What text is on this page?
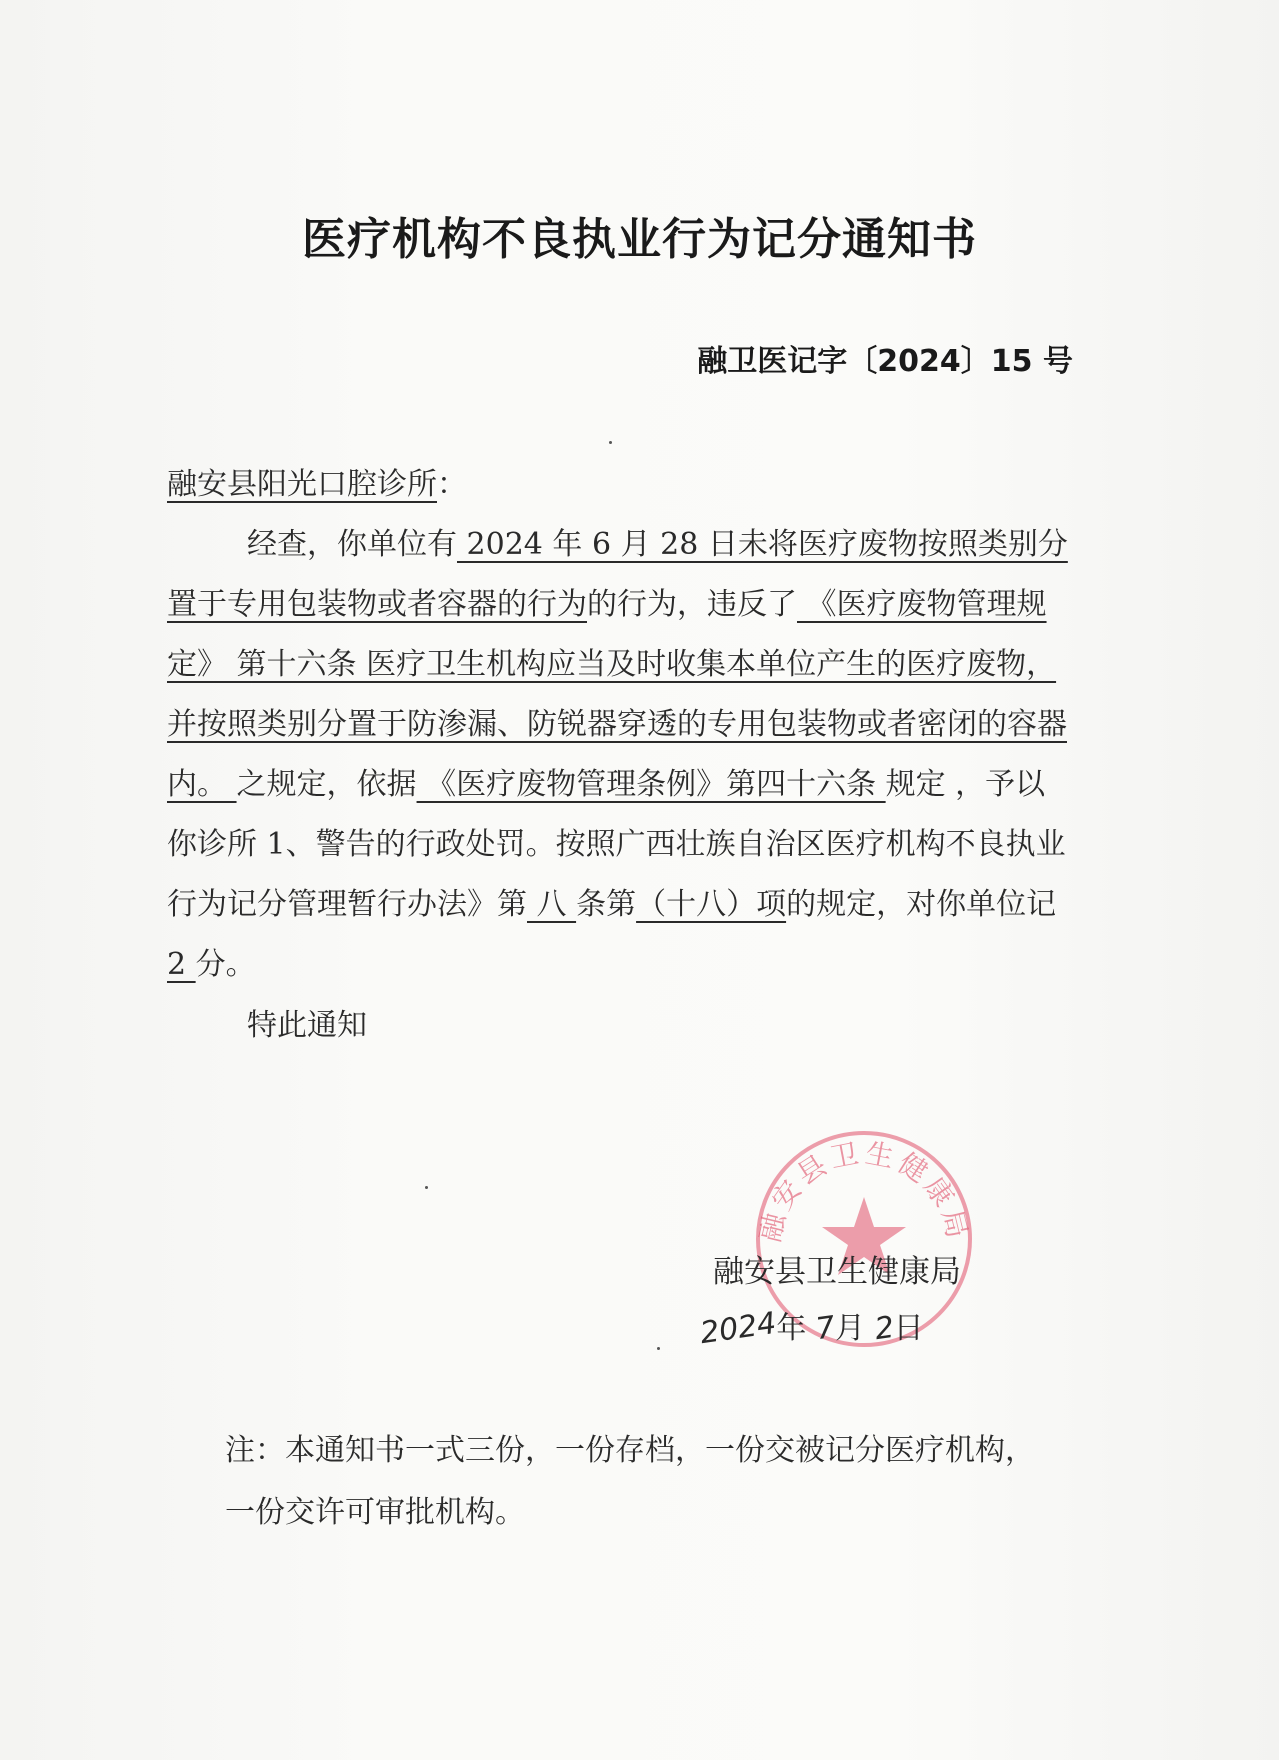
医疗机构不良执业行为记分通知书
融卫医记字〔2024〕15 号

融安县阳光口腔诊所：

经查，你单位有 2024 年 6 月 28 日未将医疗废物按照类别分置于专用包装物或者容器的行为的行为，违反了 《医疗废物管理规定》 第十六条 医疗卫生机构应当及时收集本单位产生的医疗废物，并按照类别分置于防渗漏、防锐器穿透的专用包装物或者密闭的容器内。 之规定，依据 《医疗废物管理条例》第四十六条 规定 ，予以你诊所 1、警告的行政处罚。按照广西壮族自治区医疗机构不良执业行为记分管理暂行办法》第 八 条第（十八）项的规定，对你单位记 2 分。

特此通知
融安县卫生健康局
融安县卫生健康局
2024年 7月 2日

注：本通知书一式三份，一份存档，一份交被记分医疗机构，

一份交许可审批机构。
